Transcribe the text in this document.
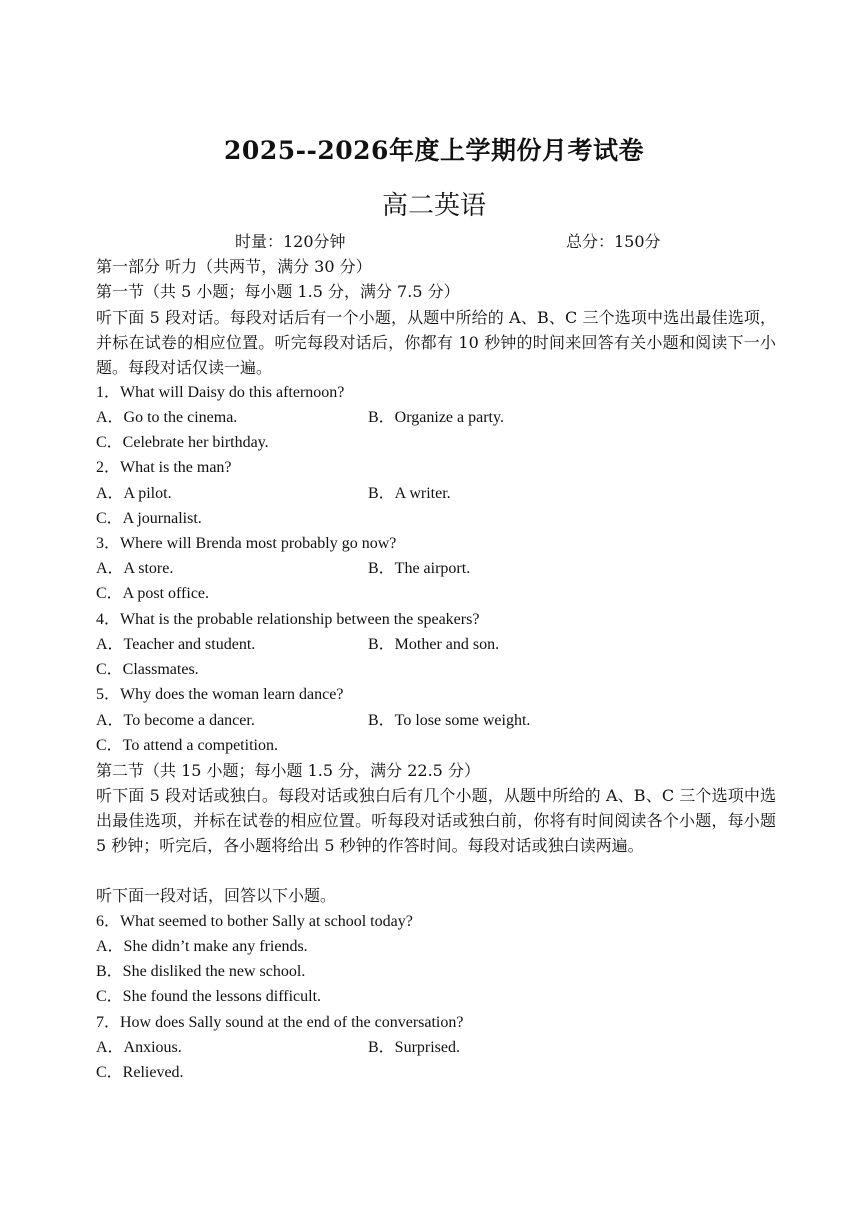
2025--2026年度上学期份月考试卷
高二英语
时量：120分钟	总分：150分
第一部分 听力（共两节，满分 30 分）
第一节（共 5 小题；每小题 1.5 分，满分 7.5 分）
听下面 5 段对话。每段对话后有一个小题，从题中所给的 A、B、C 三个选项中选出最佳选项，并标在试卷的相应位置。听完每段对话后，你都有 10 秒钟的时间来回答有关小题和阅读下一小题。每段对话仅读一遍。
1．What will Daisy do this afternoon?
A．Go to the cinema.	B．Organize a party.
C．Celebrate her birthday.
2．What is the man?
A．A pilot.	B．A writer.
C．A journalist.
3．Where will Brenda most probably go now?
A．A store.	B．The airport.
C．A post office.
4．What is the probable relationship between the speakers?
A．Teacher and student.	B．Mother and son.
C．Classmates.
5．Why does the woman learn dance?
A．To become a dancer.	B．To lose some weight.
C．To attend a competition.
第二节（共 15 小题；每小题 1.5 分，满分 22.5 分）
听下面 5 段对话或独白。每段对话或独白后有几个小题，从题中所给的 A、B、C 三个选项中选出最佳选项，并标在试卷的相应位置。听每段对话或独白前，你将有时间阅读各个小题，每小题 5 秒钟；听完后，各小题将给出 5 秒钟的作答时间。每段对话或独白读两遍。
听下面一段对话，回答以下小题。
6．What seemed to bother Sally at school today?
A．She didn’t make any friends.
B．She disliked the new school.
C．She found the lessons difficult.
7．How does Sally sound at the end of the conversation?
A．Anxious.	B．Surprised.
C．Relieved.
